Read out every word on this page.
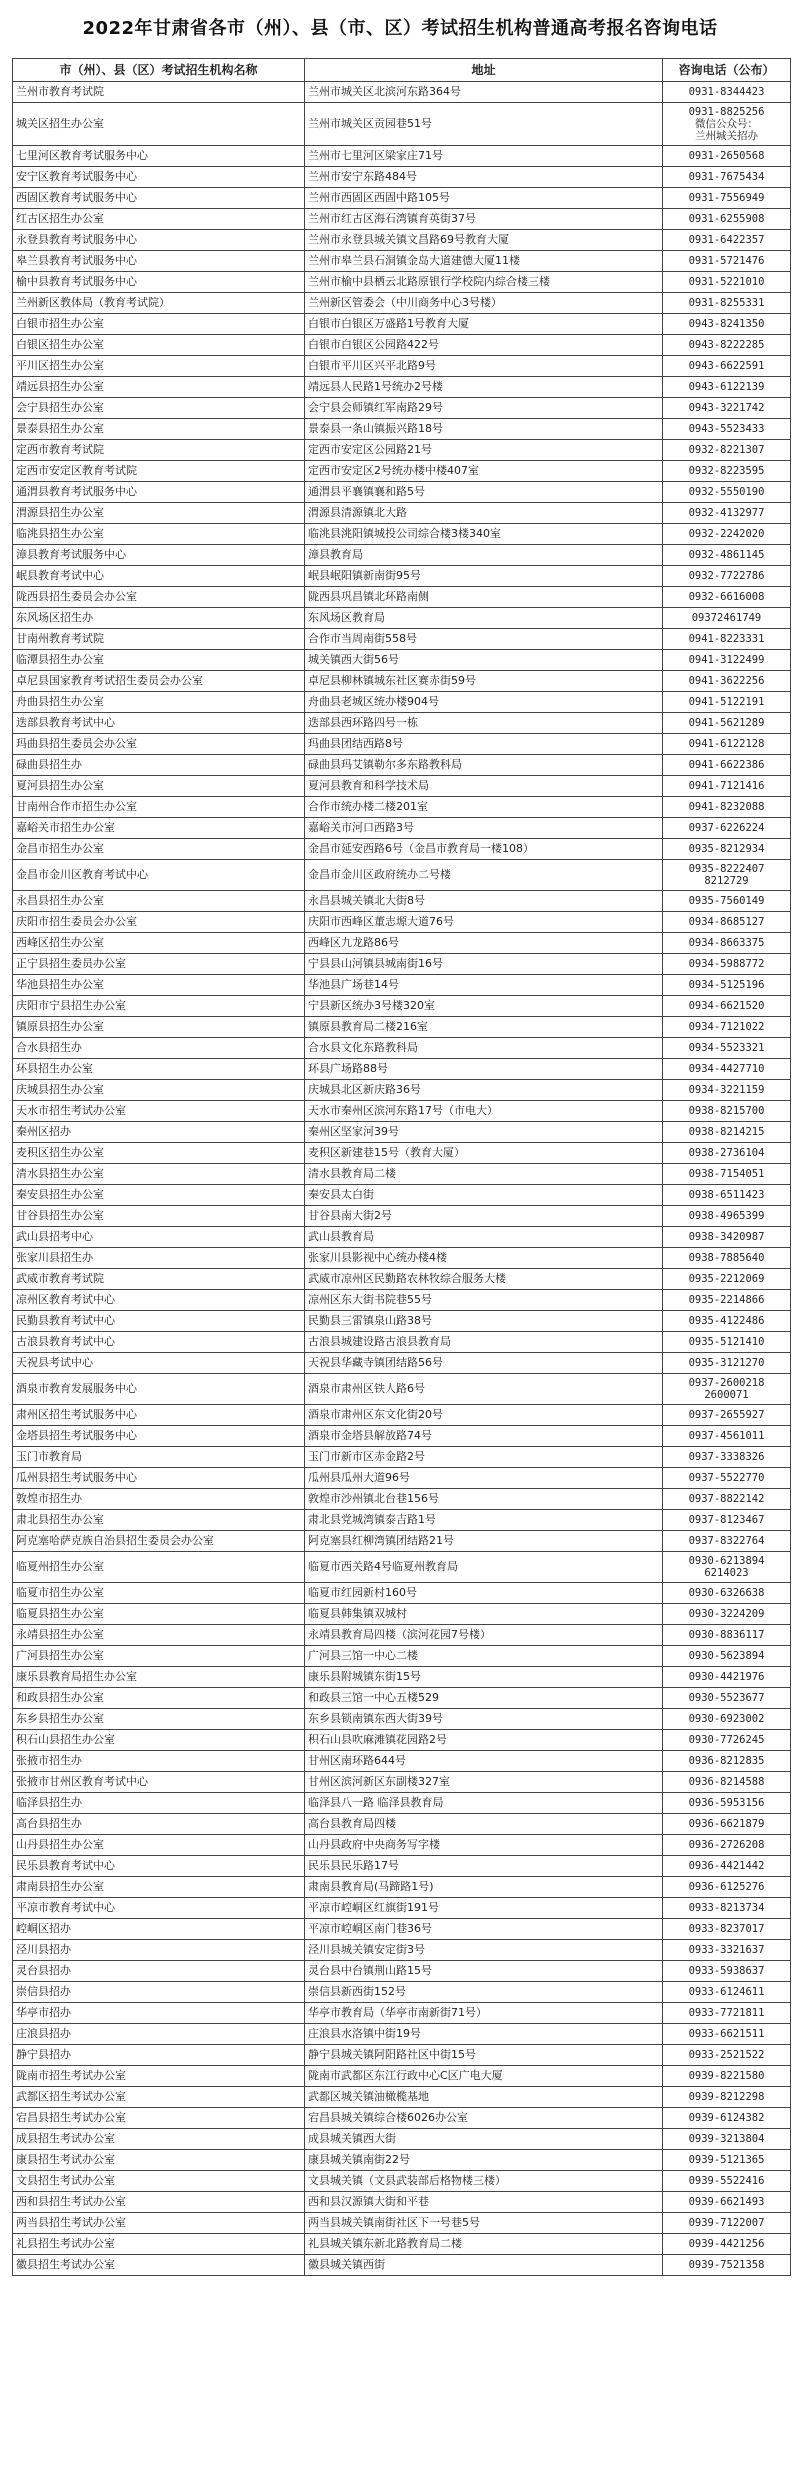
2022年甘肃省各市（州）、县（市、区）考试招生机构普通高考报名咨询电话
市（州）、县（区）考试招生机构名称	地址	咨询电话（公布）
兰州市教育考试院	兰州市城关区北滨河东路364号	0931-8344423

城关区招生办公室	兰州市城关区贡园巷51号	0931-8825256
微信公众号：
兰州城关招办

七里河区教育考试服务中心	兰州市七里河区梁家庄71号	0931-2650568

安宁区教育考试服务中心	兰州市安宁东路484号	0931-7675434

西固区教育考试服务中心	兰州市西固区西固中路105号	0931-7556949

红古区招生办公室	兰州市红古区海石湾镇育英街37号	0931-6255908

永登县教育考试服务中心	兰州市永登县城关镇文昌路69号教育大厦	0931-6422357

皋兰县教育考试服务中心	兰州市皋兰县石洞镇金岛大道建德大厦11楼	0931-5721476

榆中县教育考试服务中心	兰州市榆中县栖云北路原银行学校院内综合楼三楼	0931-5221010

兰州新区教体局（教育考试院）	兰州新区管委会（中川商务中心3号楼）	0931-8255331

白银市招生办公室	白银市白银区万盛路1号教育大厦	0943-8241350

白银区招生办公室	白银市白银区公园路422号	0943-8222285

平川区招生办公室	白银市平川区兴平北路9号	0943-6622591

靖远县招生办公室	靖远县人民路1号统办2号楼	0943-6122139

会宁县招生办公室	会宁县会师镇红军南路29号	0943-3221742

景泰县招生办公室	景泰县一条山镇振兴路18号	0943-5523433

定西市教育考试院	定西市安定区公园路21号	0932-8221307

定西市安定区教育考试院	定西市安定区2号统办楼中楼407室	0932-8223595

通渭县教育考试服务中心	通渭县平襄镇襄和路5号	0932-5550190

渭源县招生办公室	渭源县清源镇北大路	0932-4132977

临洮县招生办公室	临洮县洮阳镇城投公司综合楼3楼340室	0932-2242020

漳县教育考试服务中心	漳县教育局	0932-4861145

岷县教育考试中心	岷县岷阳镇新南街95号	0932-7722786

陇西县招生委员会办公室	陇西县巩昌镇北环路南侧	0932-6616008

东风场区招生办	东风场区教育局	09372461749

甘南州教育考试院	合作市当周南街558号	0941-8223331

临潭县招生办公室	城关镇西大街56号	0941-3122499

卓尼县国家教育考试招生委员会办公室	卓尼县柳林镇城东社区赛赤街59号	0941-3622256

舟曲县招生办公室	舟曲县老城区统办楼904号	0941-5122191

迭部县教育考试中心	迭部县西环路四号一栋	0941-5621289

玛曲县招生委员会办公室	玛曲县团结西路8号	0941-6122128

碌曲县招生办	碌曲县玛艾镇勒尔多东路教科局	0941-6622386

夏河县招生办公室	夏河县教育和科学技术局	0941-7121416

甘南州合作市招生办公室	合作市统办楼二楼201室	0941-8232088

嘉峪关市招生办公室	嘉峪关市河口西路3号	0937-6226224

金昌市招生办公室	金昌市延安西路6号（金昌市教育局一楼108）	0935-8212934

金昌市金川区教育考试中心	金昌市金川区政府统办二号楼	0935-8222407
8212729

永昌县招生办公室	永昌县城关镇北大街8号	0935-7560149

庆阳市招生委员会办公室	庆阳市西峰区董志塬大道76号	0934-8685127

西峰区招生办公室	西峰区九龙路86号	0934-8663375

正宁县招生委员办公室	宁县县山河镇县城南街16号	0934-5988772

华池县招生办公室	华池县广场巷14号	0934-5125196

庆阳市宁县招生办公室	宁县新区统办3号楼320室	0934-6621520

镇原县招生办公室	镇原县教育局二楼216室	0934-7121022

合水县招生办	合水县文化东路教科局	0934-5523321

环县招生办公室	环县广场路88号	0934-4427710

庆城县招生办公室	庆城县北区新庆路36号	0934-3221159

天水市招生考试办公室	天水市秦州区滨河东路17号（市电大）	0938-8215700

秦州区招办	秦州区坚家河39号	0938-8214215

麦积区招生办公室	麦积区新建巷15号（教育大厦）	0938-2736104

清水县招生办公室	清水县教育局二楼	0938-7154051

秦安县招生办公室	秦安县太白街	0938-6511423

甘谷县招生办公室	甘谷县南大街2号	0938-4965399

武山县招考中心	武山县教育局	0938-3420987

张家川县招生办	张家川县影视中心统办楼4楼	0938-7885640

武威市教育考试院	武威市凉州区民勤路农林牧综合服务大楼	0935-2212069

凉州区教育考试中心	凉州区东大街书院巷55号	0935-2214866

民勤县教育考试中心	民勤县三雷镇泉山路38号	0935-4122486

古浪县教育考试中心	古浪县城建设路古浪县教育局	0935-5121410

天祝县考试中心	天祝县华藏寺镇团结路56号	0935-3121270

酒泉市教育发展服务中心	酒泉市肃州区铁人路6号	0937-2600218
2600071

肃州区招生考试服务中心	酒泉市肃州区东文化街20号	0937-2655927

金塔县招生考试服务中心	酒泉市金塔县解放路74号	0937-4561011

玉门市教育局	玉门市新市区赤金路2号	0937-3338326

瓜州县招生考试服务中心	瓜州县瓜州大道96号	0937-5522770

敦煌市招生办	敦煌市沙州镇北台巷156号	0937-8822142

肃北县招生办公室	肃北县党城湾镇泰吉路1号	0937-8123467

阿克塞哈萨克族自治县招生委员会办公室	阿克塞县红柳湾镇团结路21号	0937-8322764

临夏州招生办公室	临夏市西关路4号临夏州教育局	0930-6213894
6214023

临夏市招生办公室	临夏市红园新村160号	0930-6326638

临夏县招生办公室	临夏县韩集镇双城村	0930-3224209

永靖县招生办公室	永靖县教育局四楼（滨河花园7号楼）	0930-8836117

广河县招生办公室	广河县三馆一中心二楼	0930-5623894

康乐县教育局招生办公室	康乐县附城镇东街15号	0930-4421976

和政县招生办公室	和政县三馆一中心五楼529	0930-5523677

东乡县招生办公室	东乡县锁南镇东西大街39号	0930-6923002

积石山县招生办公室	积石山县吹麻滩镇花园路2号	0930-7726245

张掖市招生办	甘州区南环路644号	0936-8212835

张掖市甘州区教育考试中心	甘州区滨河新区东副楼327室	0936-8214588

临泽县招生办	临泽县八一路 临泽县教育局	0936-5953156

高台县招生办	高台县教育局四楼	0936-6621879

山丹县招生办公室	山丹县政府中央商务写字楼	0936-2726208

民乐县教育考试中心	民乐县民乐路17号	0936-4421442

肃南县招生办公室	肃南县教育局(马蹄路1号)	0936-6125276

平凉市教育考试中心	平凉市崆峒区红旗街191号	0933-8213734

崆峒区招办	平凉市崆峒区南门巷36号	0933-8237017

泾川县招办	泾川县城关镇安定街3号	0933-3321637

灵台县招办	灵台县中台镇荆山路15号	0933-5938637

崇信县招办	崇信县新西街152号	0933-6124611

华亭市招办	华亭市教育局（华亭市南新街71号）	0933-7721811

庄浪县招办	庄浪县水洛镇中街19号	0933-6621511

静宁县招办	静宁县城关镇阿阳路社区中街15号	0933-2521522

陇南市招生考试办公室	陇南市武都区东江行政中心C区广电大厦	0939-8221580

武都区招生考试办公室	武都区城关镇油橄榄基地	0939-8212298

宕昌县招生考试办公室	宕昌县城关镇综合楼6026办公室	0939-6124382

成县招生考试办公室	成县城关镇西大街	0939-3213804

康县招生考试办公室	康县城关镇南街22号	0939-5121365

文县招生考试办公室	文县城关镇（文县武装部后格物楼三楼）	0939-5522416

西和县招生考试办公室	西和县汉源镇大街和平巷	0939-6621493

两当县招生考试办公室	两当县城关镇南街社区下一号巷5号	0939-7122007

礼县招生考试办公室	礼县城关镇东新北路教育局二楼	0939-4421256

徽县招生考试办公室	徽县城关镇西街	0939-7521358
